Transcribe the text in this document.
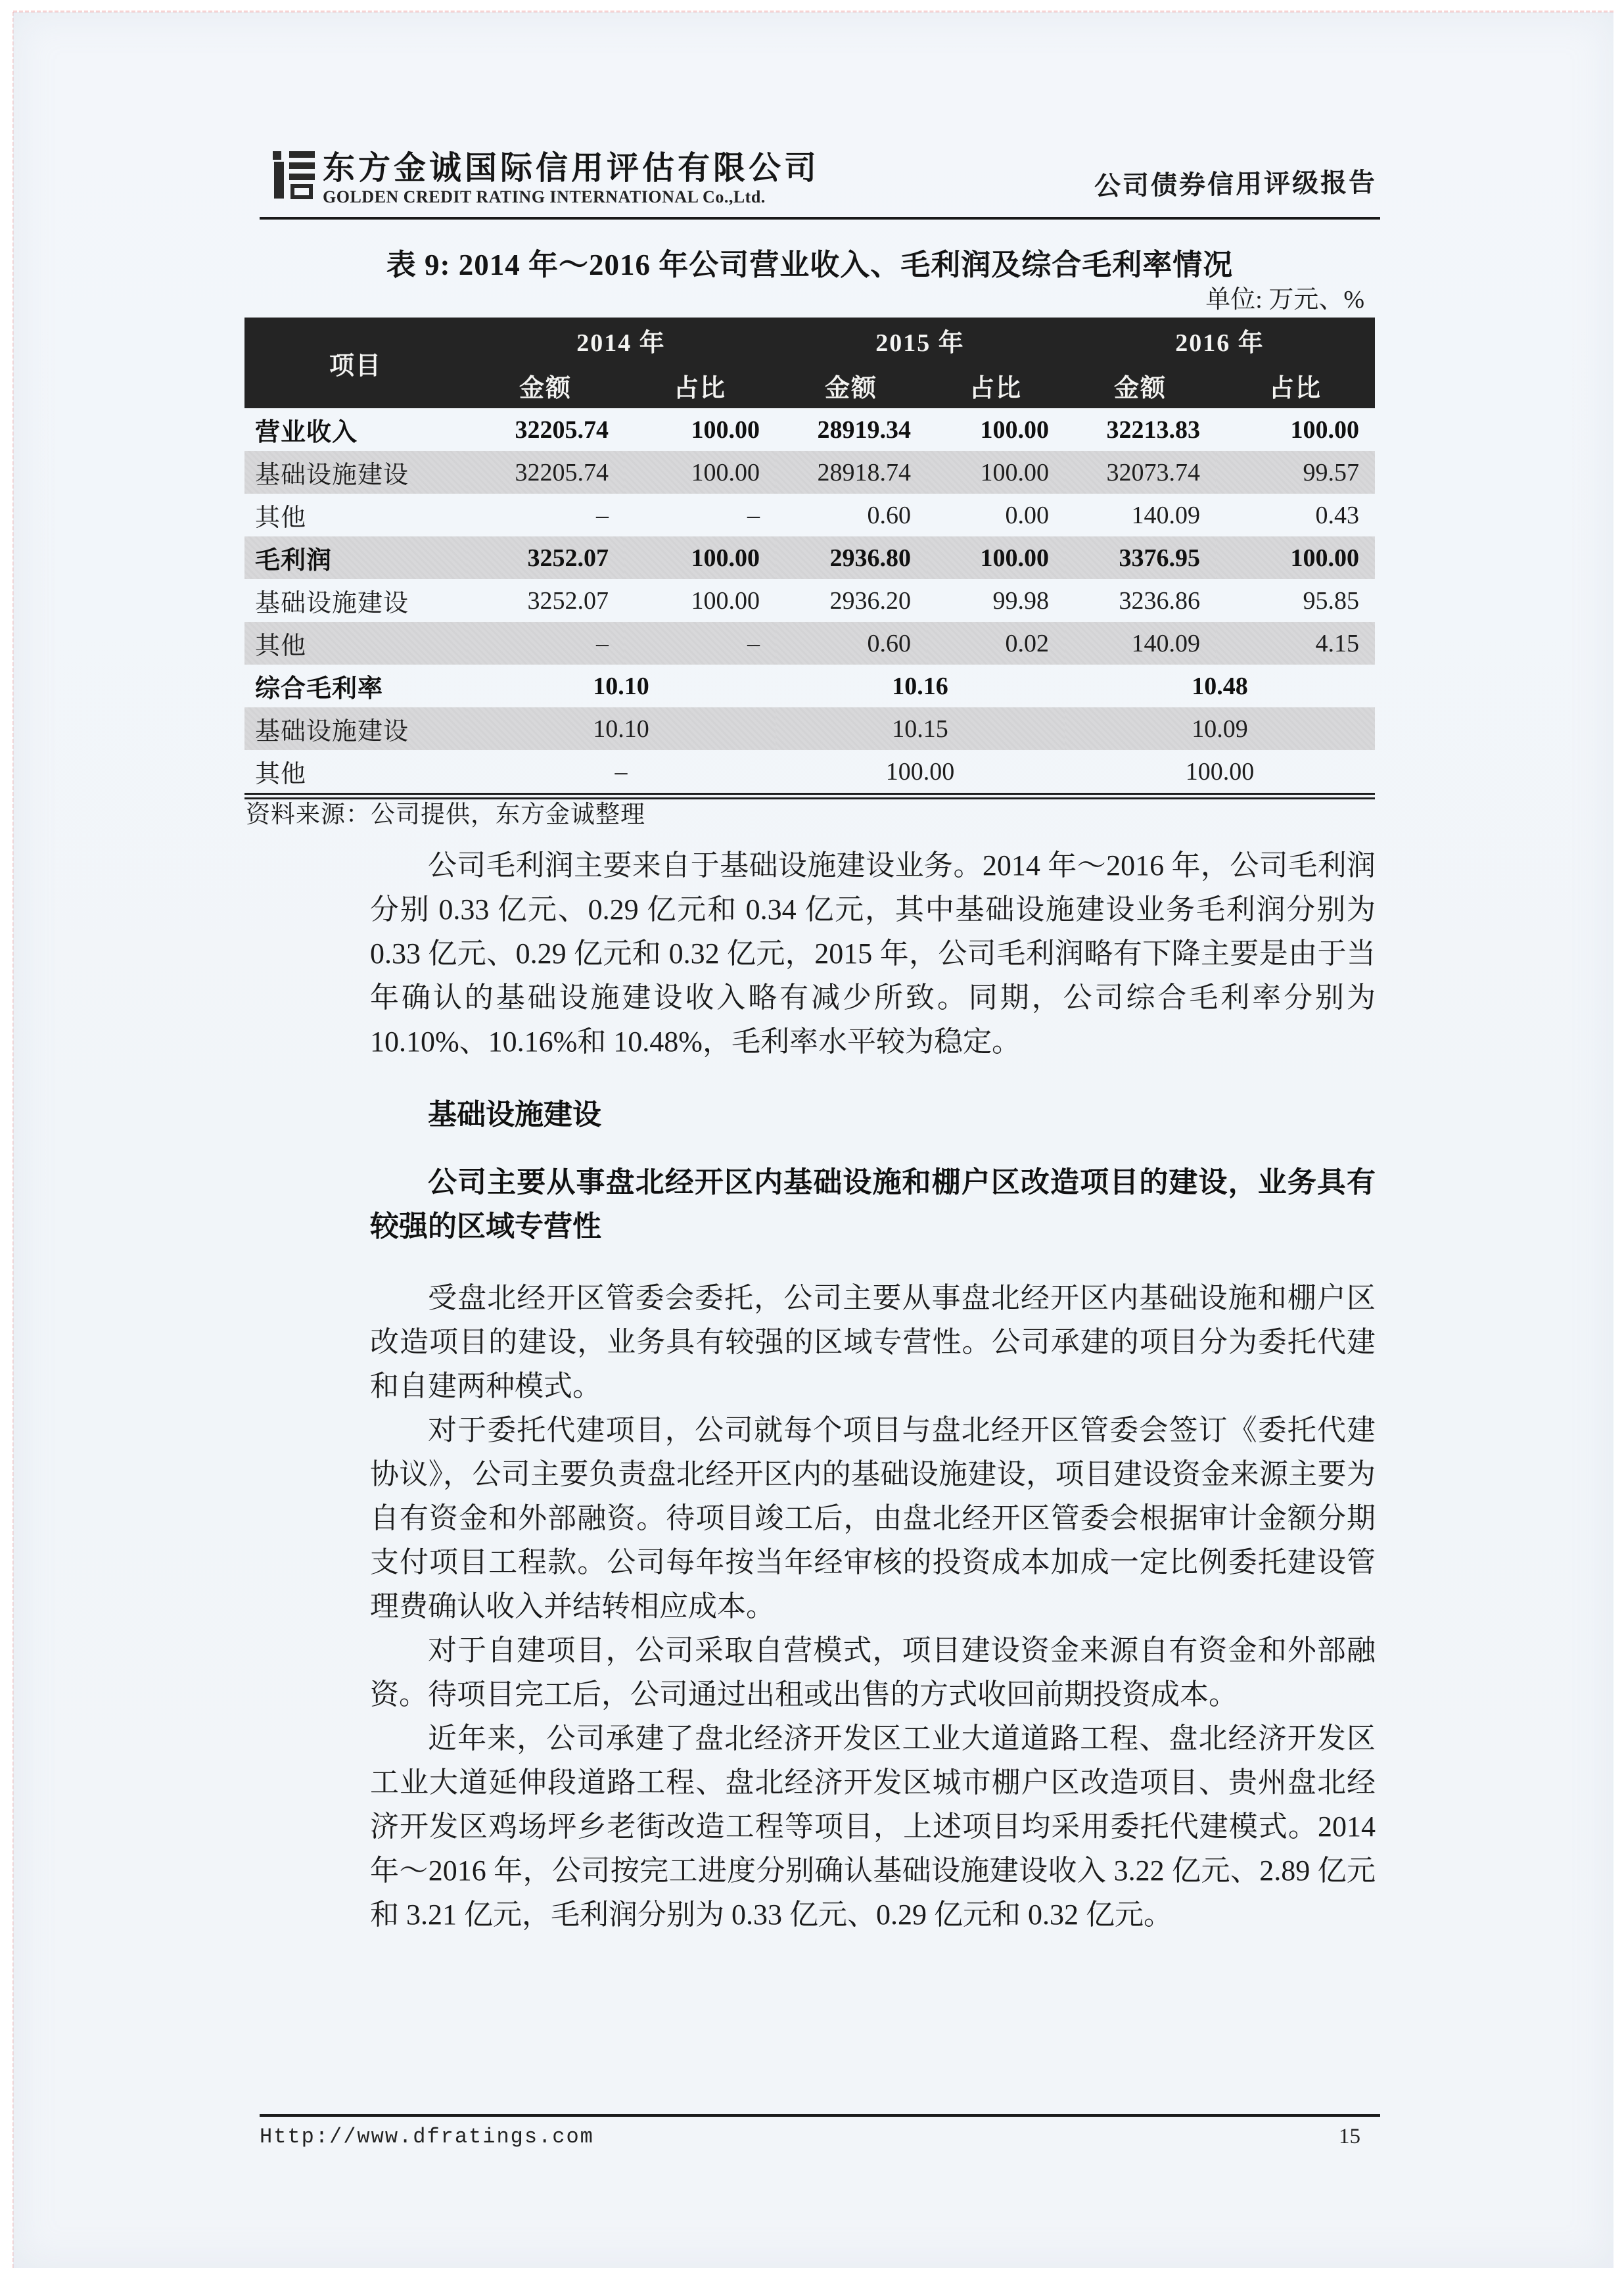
东方金诚国际信用评估有限公司
GOLDEN CREDIT RATING INTERNATIONAL Co.,Ltd.	公司债券信用评级报告
表 9: 2014 年～2016 年公司营业收入、毛利润及综合毛利率情况
单位: 万元、%
项目	2014 年		2015 年		2016 年	
	金额	占比	金额	占比	金额	占比
营业收入	32205.74	100.00	28919.34	100.00	32213.83	100.00
基础设施建设	32205.74	100.00	28918.74	100.00	32073.74	99.57
其他	–	–	0.60	0.00	140.09	0.43
毛利润	3252.07	100.00	2936.80	100.00	3376.95	100.00
基础设施建设	3252.07	100.00	2936.20	99.98	3236.86	95.85
其他	–	–	0.60	0.02	140.09	4.15
综合毛利率	10.10		10.16		10.48	
基础设施建设	10.10		10.15		10.09	
其他	–		100.00		100.00	
资料来源：公司提供，东方金诚整理

公司毛利润主要来自于基础设施建设业务。2014 年～2016 年，公司毛利润分别 0.33 亿元、0.29 亿元和 0.34 亿元，其中基础设施建设业务毛利润分别为 0.33 亿元、0.29 亿元和 0.32 亿元，2015 年，公司毛利润略有下降主要是由于当年确认的基础设施建设收入略有减少所致。同期，公司综合毛利率分别为 10.10%、10.16%和 10.48%，毛利率水平较为稳定。

基础设施建设

公司主要从事盘北经开区内基础设施和棚户区改造项目的建设，业务具有较强的区域专营性

受盘北经开区管委会委托，公司主要从事盘北经开区内基础设施和棚户区改造项目的建设，业务具有较强的区域专营性。公司承建的项目分为委托代建和自建两种模式。

对于委托代建项目，公司就每个项目与盘北经开区管委会签订《委托代建协议》，公司主要负责盘北经开区内的基础设施建设，项目建设资金来源主要为自有资金和外部融资。待项目竣工后，由盘北经开区管委会根据审计金额分期支付项目工程款。公司每年按当年经审核的投资成本加成一定比例委托建设管理费确认收入并结转相应成本。

对于自建项目，公司采取自营模式，项目建设资金来源自有资金和外部融资。待项目完工后，公司通过出租或出售的方式收回前期投资成本。

近年来，公司承建了盘北经济开发区工业大道道路工程、盘北经济开发区工业大道延伸段道路工程、盘北经济开发区城市棚户区改造项目、贵州盘北经济开发区鸡场坪乡老街改造工程等项目，上述项目均采用委托代建模式。2014 年～2016 年，公司按完工进度分别确认基础设施建设收入 3.22 亿元、2.89 亿元和 3.21 亿元，毛利润分别为 0.33 亿元、0.29 亿元和 0.32 亿元。

Http://www.dfratings.com	15
